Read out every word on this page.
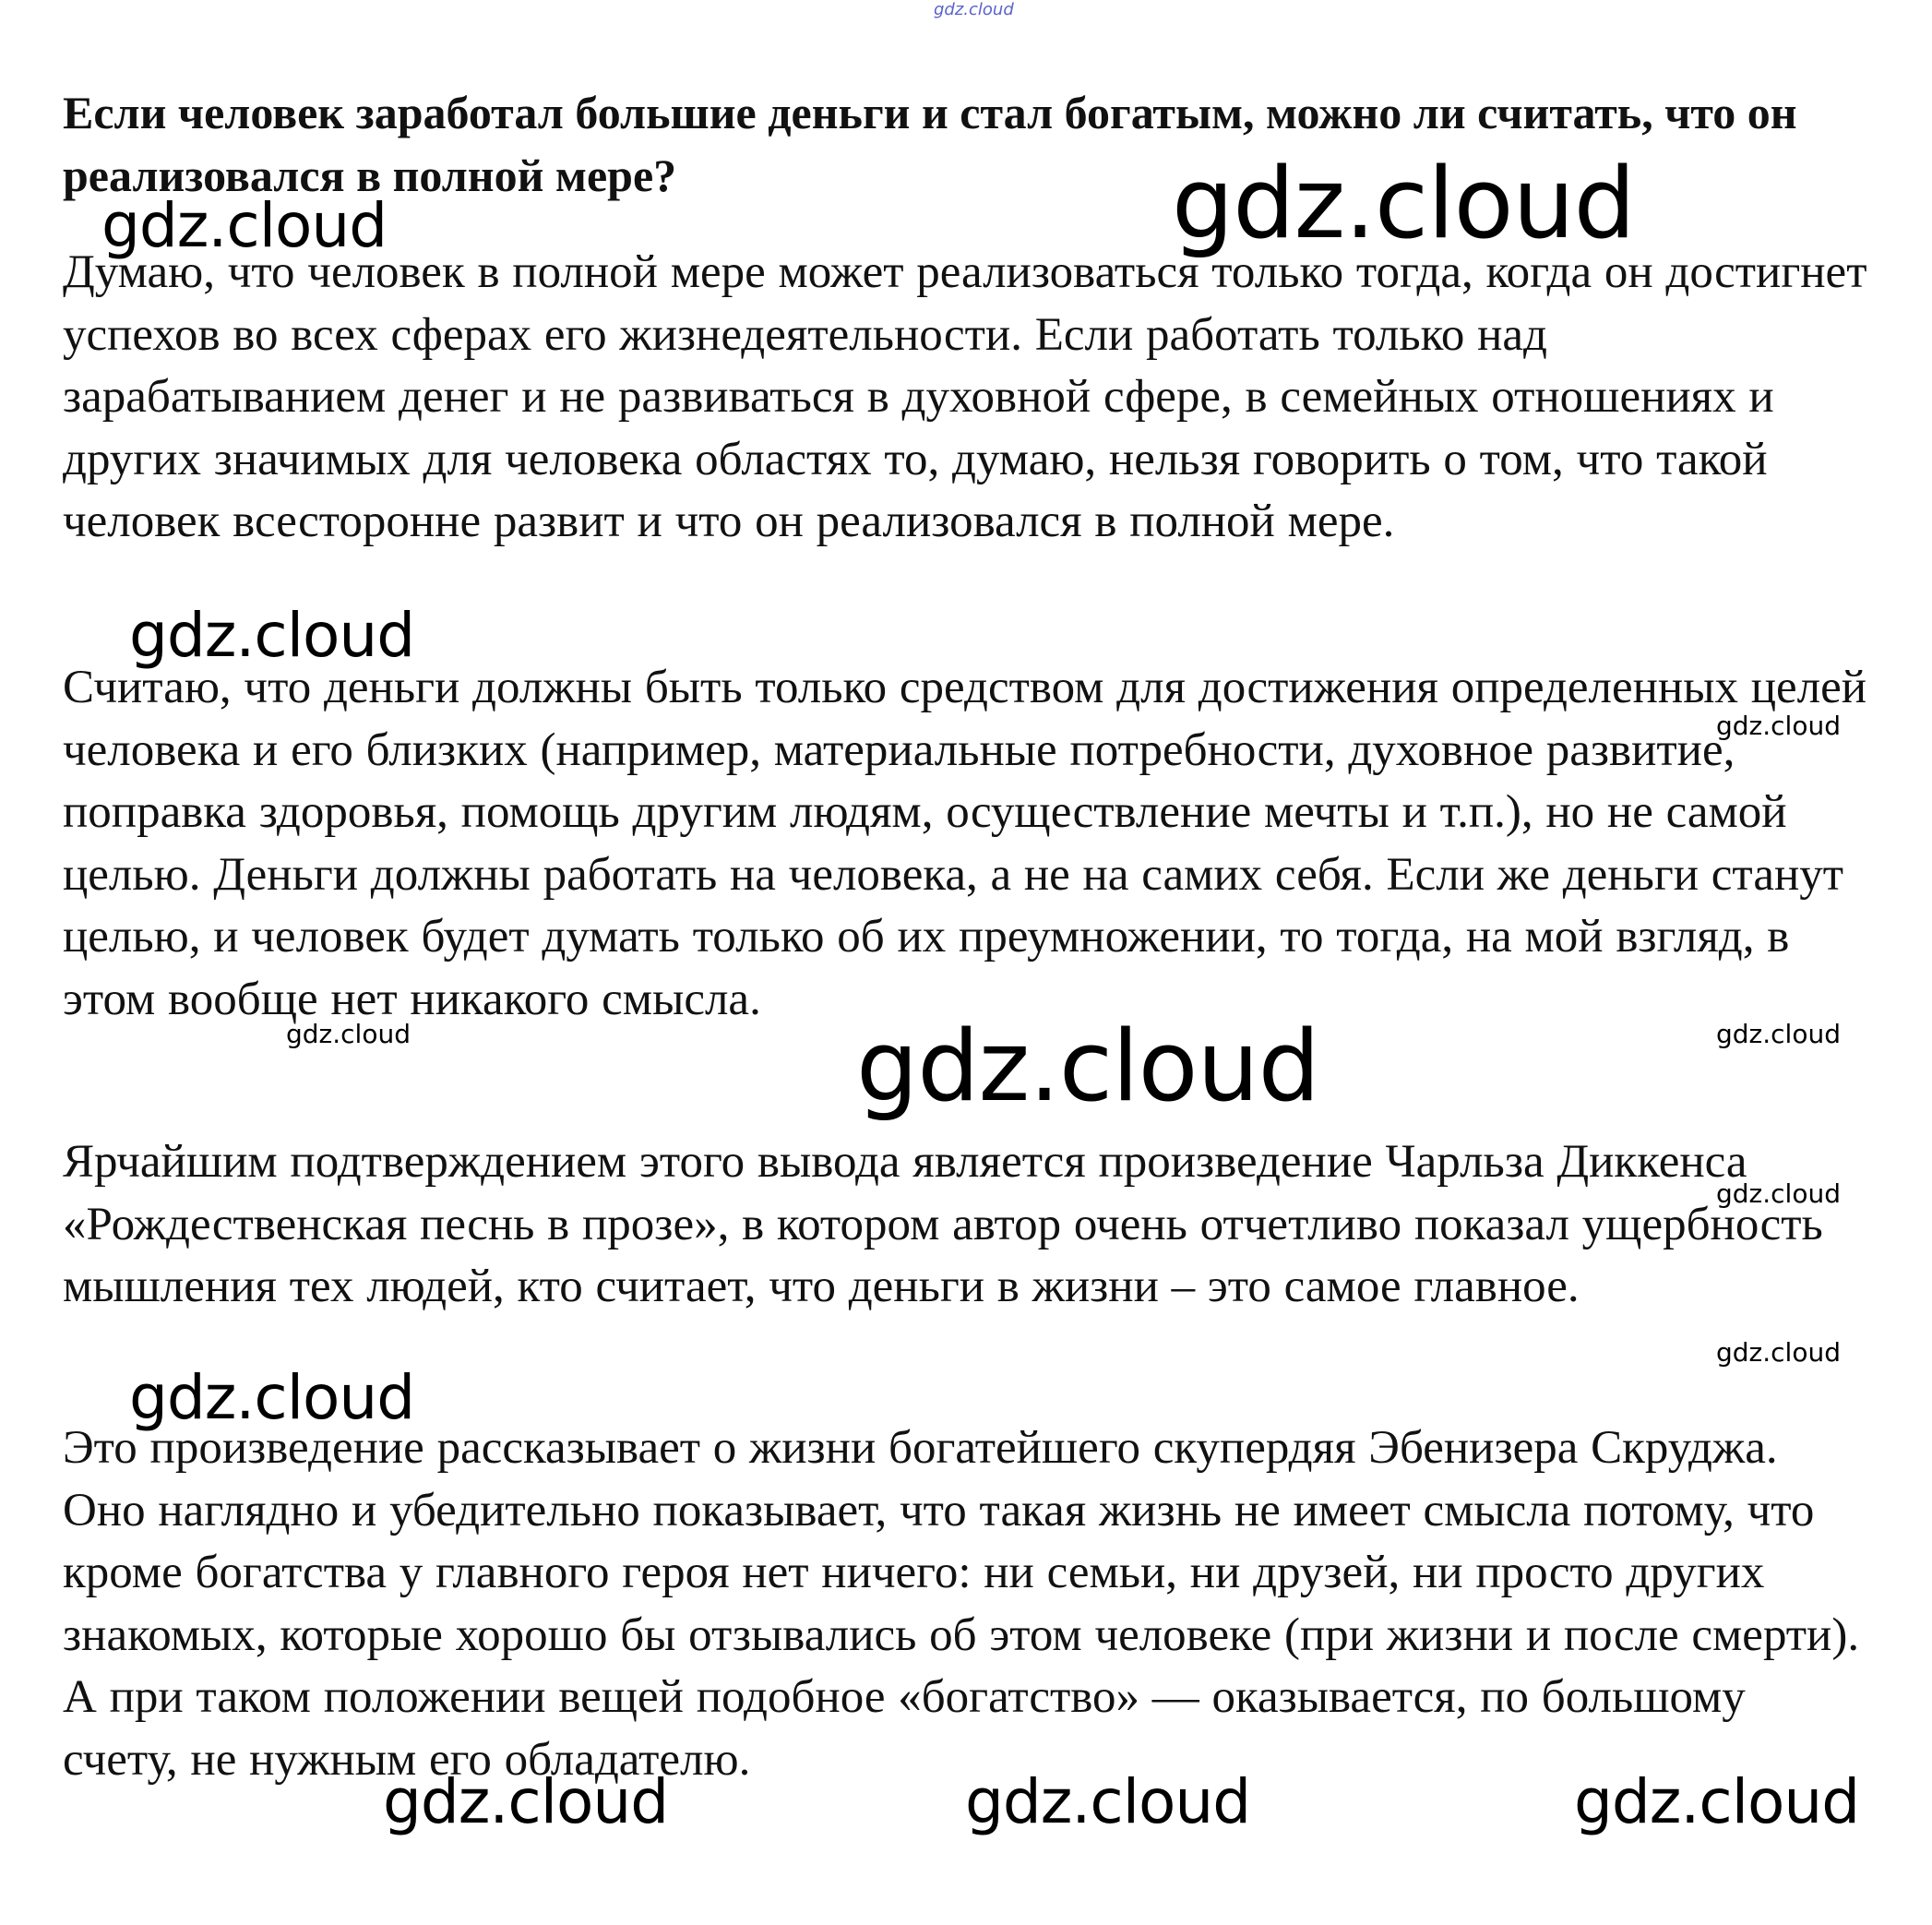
gdz.cloud
Если человек заработал большие деньги и стал богатым, можно ли считать, что он реализовался в полной мере?

Думаю, что человек в полной мере может реализоваться только тогда, когда он достигнет успехов во всех сферах его жизнедеятельности. Если работать только над зарабатыванием денег и не развиваться в духовной сфере, в семейных отношениях и других значимых для человека областях то, думаю, нельзя говорить о том, что такой человек всесторонне развит и что он реализовался в полной мере.

Считаю, что деньги должны быть только средством для достижения определенных целей человека и его близких (например, материальные потребности, духовное развитие, поправка здоровья, помощь другим людям, осуществление мечты и т.п.), но не самой целью. Деньги должны работать на человека, а не на самих себя. Если же деньги станут целью, и человек будет думать только об их преумножении, то тогда, на мой взгляд, в этом вообще нет никакого смысла.

Ярчайшим подтверждением этого вывода является произведение Чарльза Диккенса «Рождественская песнь в прозе», в котором автор очень отчетливо показал ущербность мышления тех людей, кто считает, что деньги в жизни – это самое главное.

Это произведение рассказывает о жизни богатейшего скупердяя Эбенизера Скруджа. Оно наглядно и убедительно показывает, что такая жизнь не имеет смысла потому, что кроме богатства у главного героя нет ничего: ни семьи, ни друзей, ни просто других знакомых, которые хорошо бы отзывались об этом человеке (при жизни и после смерти). А при таком положении вещей подобное «богатство» — оказывается, по большому счету, не нужным его обладателю.

gdz.cloud
gdz.cloud
gdz.cloud
gdz.cloud
gdz.cloud	gdz.cloud
gdz.cloud
gdz.cloud
gdz.cloud
gdz.cloud
gdz.cloud	gdz.cloud	gdz.cloud
